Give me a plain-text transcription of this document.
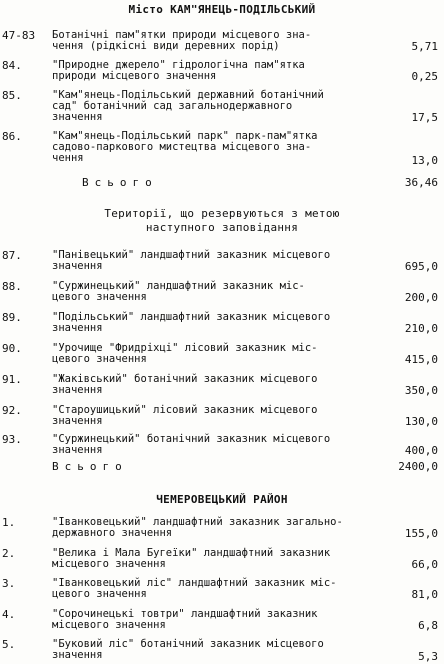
Місто КАМ"ЯНЕЦЬ-ПОДІЛЬСЬКИЙ
47-83	Ботанічні пам"ятки природи місцевого зна-
чення (рідкісні види деревних порід)	5,71
84.	"Природне джерело" гідрологічна пам"ятка
природи місцевого значення	0,25
85.	"Кам"янець-Подільський державний ботанічний
сад" ботанічний сад загальнодержавного
значення	17,5
86.	"Кам"янець-Подільський парк" парк-пам"ятка
садово-паркового мистецтва місцевого зна-
чення	13,0
Всього	36,46
Території, що резервуються з метою
наступного заповідання
87.	"Панівецький" ландшафтний заказник місцевого
значення	695,0
88.	"Суржинецький" ландшафтний заказник міс-
цевого значення	200,0
89.	"Подільський" ландшафтний заказник місцевого
значення	210,0
90.	"Урочище "Фридріхці" лісовий заказник міс-
цевого значення	415,0
91.	"Жаківський" ботанічний заказник місцевого
значення	350,0
92.	"Староушицький" лісовий заказник місцевого
значення	130,0
93.	"Суржинецький" ботанічний заказник місцевого
значення	400,0
Всього	2400,0
ЧЕМЕРОВЕЦЬКИЙ РАЙОН
1.	"Іванковецький" ландшафтний заказник загально-
державного значення	155,0
2.	"Велика і Мала Бугеїки" ландшафтний заказник
місцевого значення	66,0
3.	"Іванковецький ліс" ландшафтний заказник міс-
цевого значення	81,0
4.	"Сорочинецькі товтри" ландшафтний заказник
місцевого значення	6,8
5.	"Буковий ліс" ботанічний заказник місцевого
значення	5,3
